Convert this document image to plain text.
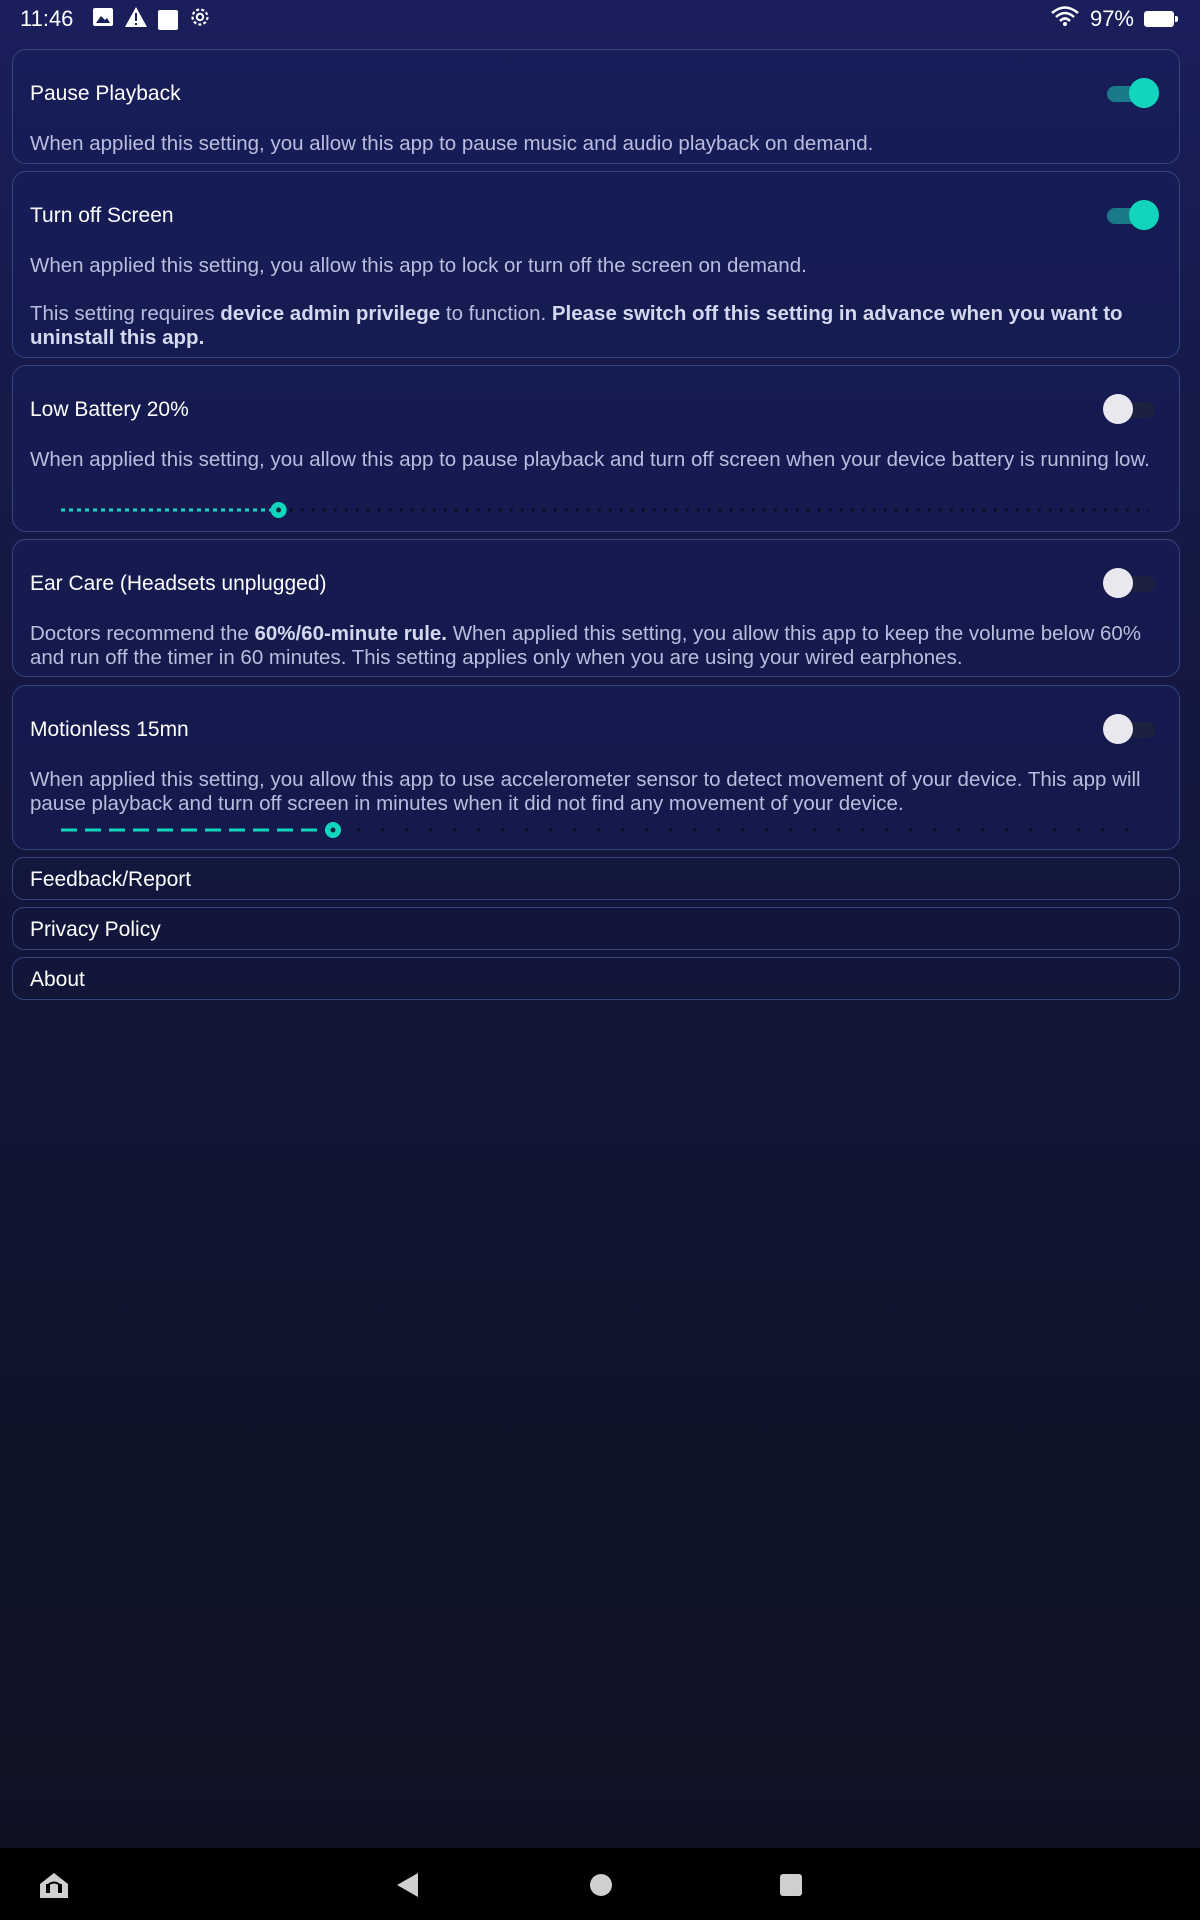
11:46	97%
Pause Playback
When applied this setting, you allow this app to pause music and audio playback on demand.
Turn off Screen
When applied this setting, you allow this app to lock or turn off the screen on demand.
This setting requires device admin privilege to function. Please switch off this setting in advance when you want to uninstall this app.
Low Battery 20%
When applied this setting, you allow this app to pause playback and turn off screen when your device battery is running low.
Ear Care (Headsets unplugged)
Doctors recommend the 60%/60-minute rule. When applied this setting, you allow this app to keep the volume below 60% and run off the timer in 60 minutes. This setting applies only when you are using your wired earphones.
Motionless 15mn
When applied this setting, you allow this app to use accelerometer sensor to detect movement of your device. This app will pause playback and turn off screen in minutes when it did not find any movement of your device.
Feedback/Report
Privacy Policy
About
